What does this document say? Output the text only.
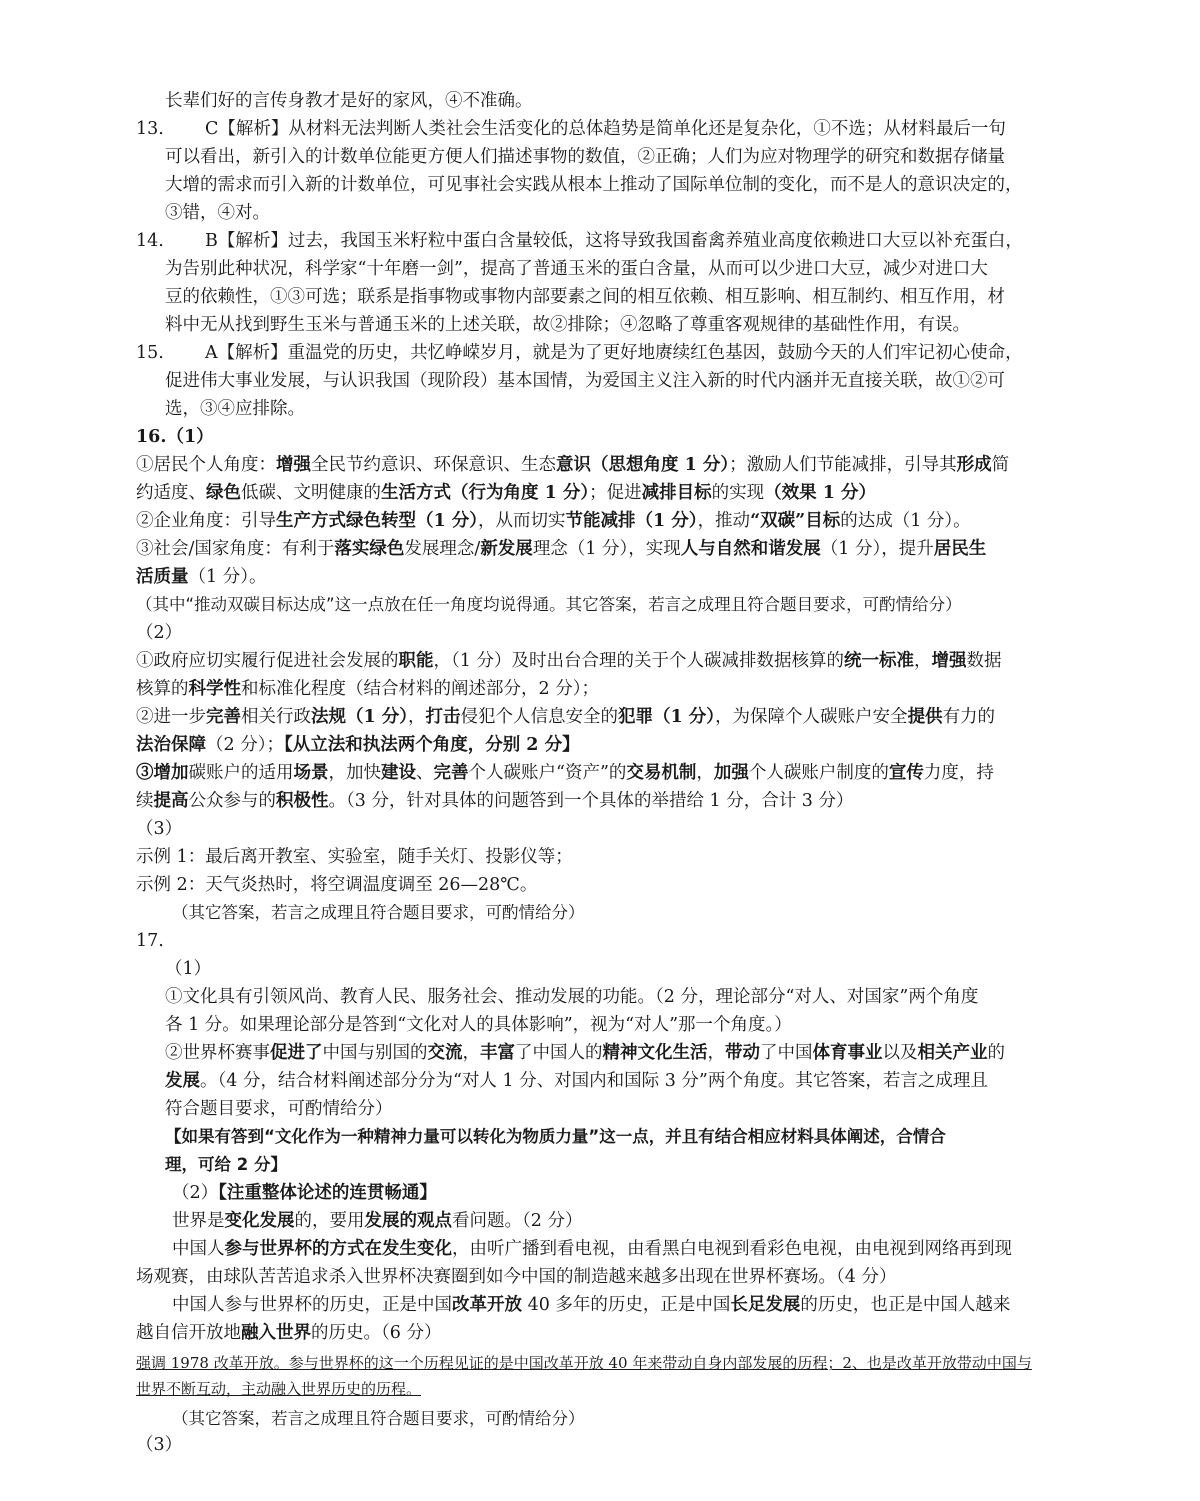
长辈们好的言传身教才是好的家风，④不准确。
13. C【解析】从材料无法判断人类社会生活变化的总体趋势是简单化还是复杂化，①不选；从材料最后一句
可以看出，新引入的计数单位能更方便人们描述事物的数值，②正确；人们为应对物理学的研究和数据存储量
大增的需求而引入新的计数单位，可见事社会实践从根本上推动了国际单位制的变化，而不是人的意识决定的，
③错，④对。
14. B【解析】过去，我国玉米籽粒中蛋白含量较低，这将导致我国畜禽养殖业高度依赖进口大豆以补充蛋白，
为告别此种状况，科学家“十年磨一剑”，提高了普通玉米的蛋白含量，从而可以少进口大豆，减少对进口大
豆的依赖性，①③可选；联系是指事物或事物内部要素之间的相互依赖、相互影响、相互制约、相互作用，材
料中无从找到野生玉米与普通玉米的上述关联，故②排除；④忽略了尊重客观规律的基础性作用，有误。
15. A【解析】重温党的历史，共忆峥嵘岁月，就是为了更好地赓续红色基因，鼓励今天的人们牢记初心使命，
促进伟大事业发展，与认识我国（现阶段）基本国情，为爱国主义注入新的时代内涵并无直接关联，故①②可
选，③④应排除。
16.（1）
①居民个人角度：增强全民节约意识、环保意识、生态意识（思想角度 1 分）；激励人们节能减排，引导其形成简
约适度、绿色低碳、文明健康的生活方式（行为角度 1 分）；促进减排目标的实现（效果 1 分）
②企业角度：引导生产方式绿色转型（1 分），从而切实节能减排（1 分），推动“双碳”目标的达成（1 分）。
③社会/国家角度：有利于落实绿色发展理念/新发展理念（1 分），实现人与自然和谐发展（1 分），提升居民生
活质量（1 分）。
（其中“推动双碳目标达成”这一点放在任一角度均说得通。其它答案，若言之成理且符合题目要求，可酌情给分）
（2）
①政府应切实履行促进社会发展的职能，（1 分）及时出台合理的关于个人碳减排数据核算的统一标准，增强数据
核算的科学性和标准化程度（结合材料的阐述部分，2 分）；
②进一步完善相关行政法规（1 分），打击侵犯个人信息安全的犯罪（1 分），为保障个人碳账户安全提供有力的
法治保障（2 分）；【从立法和执法两个角度，分别 2 分】
③增加碳账户的适用场景，加快建设、完善个人碳账户“资产”的交易机制，加强个人碳账户制度的宣传力度，持
续提高公众参与的积极性。（3 分，针对具体的问题答到一个具体的举措给 1 分，合计 3 分）
（3）
示例 1：最后离开教室、实验室，随手关灯、投影仪等；
示例 2：天气炎热时，将空调温度调至 26—28℃。
（其它答案，若言之成理且符合题目要求，可酌情给分）
17.
（1）
①文化具有引领风尚、教育人民、服务社会、推动发展的功能。（2 分，理论部分“对人、对国家”两个角度
各 1 分。如果理论部分是答到“文化对人的具体影响”，视为“对人”那一个角度。）
②世界杯赛事促进了中国与别国的交流，丰富了中国人的精神文化生活，带动了中国体育事业以及相关产业的
发展。（4 分，结合材料阐述部分分为“对人 1 分、对国内和国际 3 分”两个角度。其它答案，若言之成理且
符合题目要求，可酌情给分）
【如果有答到“文化作为一种精神力量可以转化为物质力量”这一点，并且有结合相应材料具体阐述，合情合
理，可给 2 分】
（2）【注重整体论述的连贯畅通】
世界是变化发展的，要用发展的观点看问题。（2 分）
中国人参与世界杯的方式在发生变化，由听广播到看电视，由看黑白电视到看彩色电视，由电视到网络再到现
场观赛，由球队苦苦追求杀入世界杯决赛圈到如今中国的制造越来越多出现在世界杯赛场。（4 分）
中国人参与世界杯的历史，正是中国改革开放 40 多年的历史，正是中国长足发展的历史，也正是中国人越来
越自信开放地融入世界的历史。（6 分）
强调 1978 改革开放。参与世界杯的这一个历程见证的是中国改革开放 40 年来带动自身内部发展的历程；2、也是改革开放带动中国与
世界不断互动，主动融入世界历史的历程。
（其它答案，若言之成理且符合题目要求，可酌情给分）
（3）
